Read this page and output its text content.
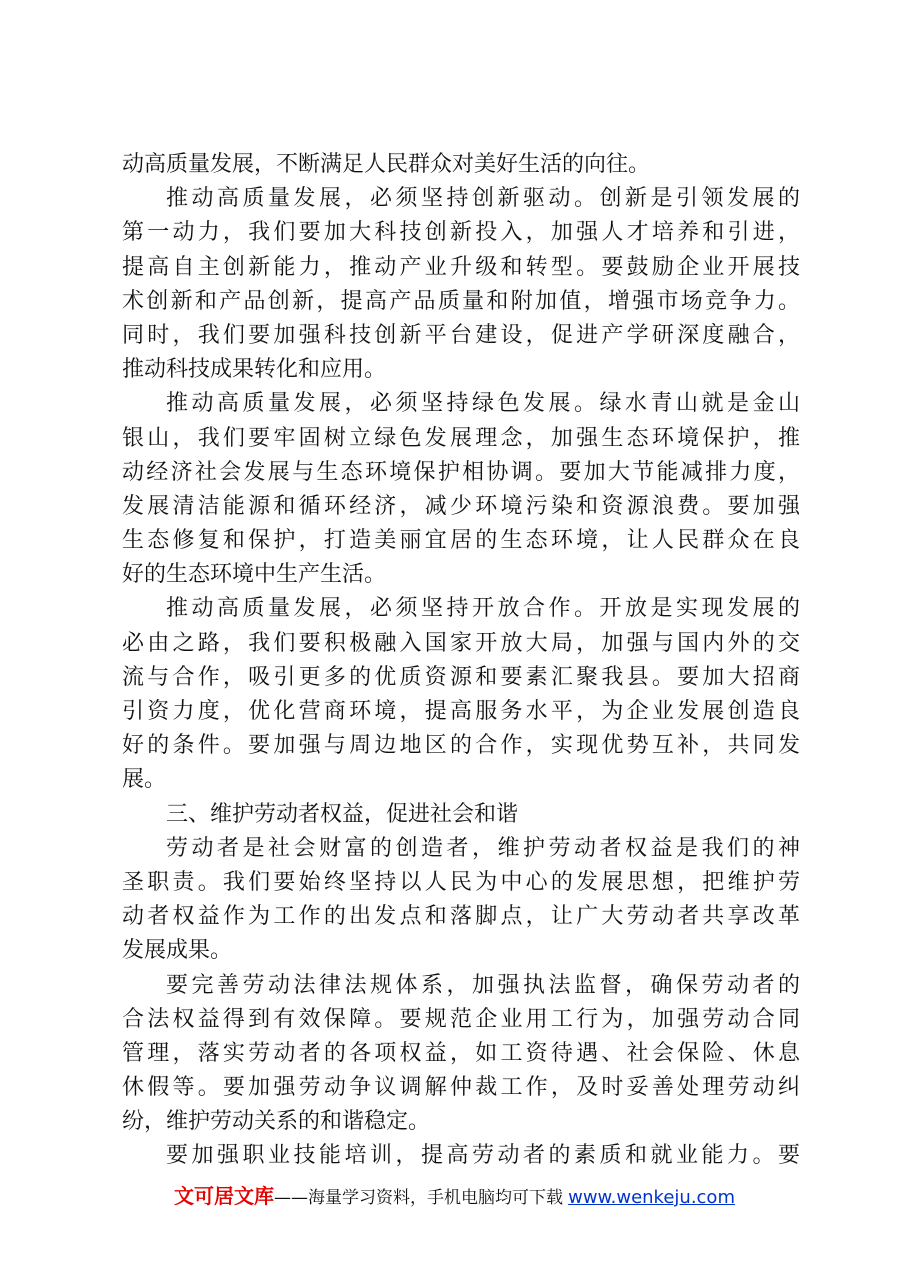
动高质量发展，不断满足人民群众对美好生活的向往。

推动高质量发展，必须坚持创新驱动。创新是引领发展的
第一动力，我们要加大科技创新投入，加强人才培养和引进，
提高自主创新能力，推动产业升级和转型。要鼓励企业开展技
术创新和产品创新，提高产品质量和附加值，增强市场竞争力。
同时，我们要加强科技创新平台建设，促进产学研深度融合，
推动科技成果转化和应用。

推动高质量发展，必须坚持绿色发展。绿水青山就是金山
银山，我们要牢固树立绿色发展理念，加强生态环境保护，推
动经济社会发展与生态环境保护相协调。要加大节能减排力度，
发展清洁能源和循环经济，减少环境污染和资源浪费。要加强
生态修复和保护，打造美丽宜居的生态环境，让人民群众在良
好的生态环境中生产生活。

推动高质量发展，必须坚持开放合作。开放是实现发展的
必由之路，我们要积极融入国家开放大局，加强与国内外的交
流与合作，吸引更多的优质资源和要素汇聚我县。要加大招商
引资力度，优化营商环境，提高服务水平，为企业发展创造良
好的条件。要加强与周边地区的合作，实现优势互补，共同发
展。

三、维护劳动者权益，促进社会和谐

劳动者是社会财富的创造者，维护劳动者权益是我们的神
圣职责。我们要始终坚持以人民为中心的发展思想，把维护劳
动者权益作为工作的出发点和落脚点，让广大劳动者共享改革
发展成果。

要完善劳动法律法规体系，加强执法监督，确保劳动者的
合法权益得到有效保障。要规范企业用工行为，加强劳动合同
管理，落实劳动者的各项权益，如工资待遇、社会保险、休息
休假等。要加强劳动争议调解仲裁工作，及时妥善处理劳动纠
纷，维护劳动关系的和谐稳定。

要加强职业技能培训，提高劳动者的素质和就业能力。要

文可居文库——海量学习资料，手机电脑均可下载 www.wenkeju.com
